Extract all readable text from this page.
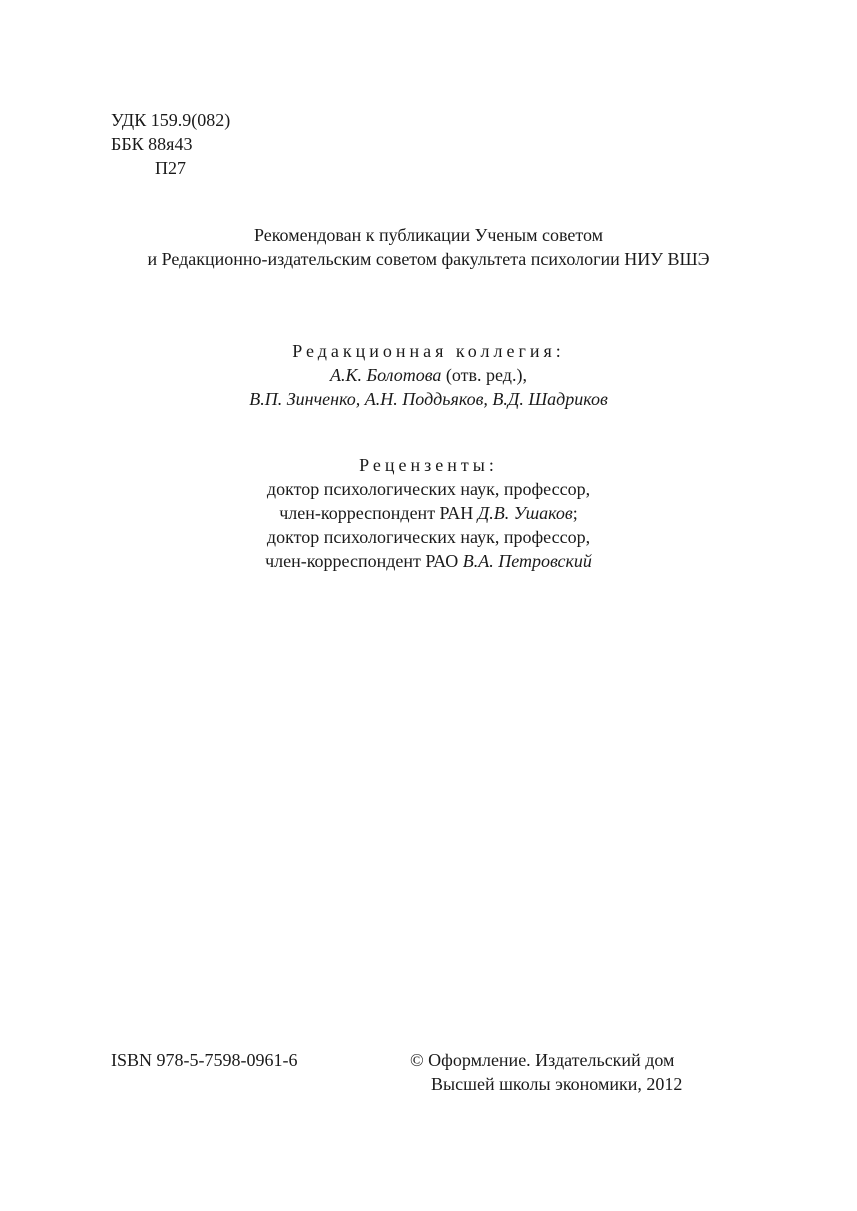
УДК 159.9(082)
ББК 88я43
П27
Рекомендован к публикации Ученым советом
и Редакционно-издательским советом факультета психологии НИУ ВШЭ
Редакционная коллегия:
А.К. Болотова (отв. ред.),
В.П. Зинченко, А.Н. Поддьяков, В.Д. Шадриков
Рецензенты:
доктор психологических наук, профессор,
член-корреспондент РАН Д.В. Ушаков;
доктор психологических наук, профессор,
член-корреспондент РАО В.А. Петровский
ISBN 978-5-7598-0961-6	© Оформление. Издательский дом
Высшей школы экономики, 2012
